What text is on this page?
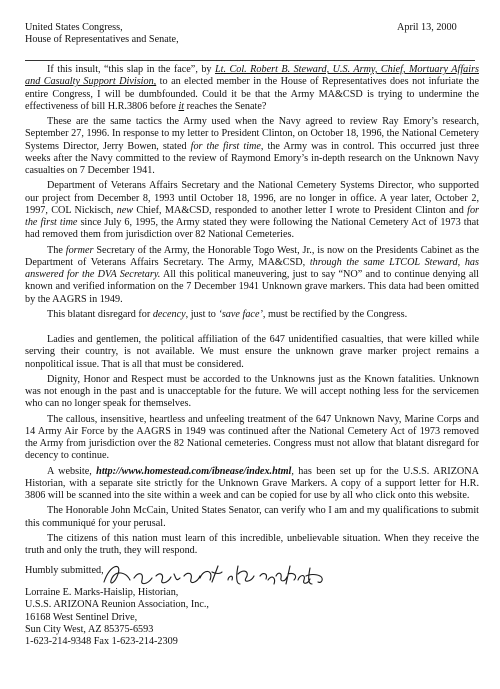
United States Congress,
House of Representatives and Senate,
April 13, 2000

If this insult, “this slap in the face”, by Lt. Col. Robert B. Steward, U.S. Army, Chief, Mortuary Affairs and Casualty Support Division, to an elected member in the House of Representatives does not infuriate the entire Congress, I will be dumbfounded. Could it be that the Army MA&CSD is trying to undermine the effectiveness of bill H.R.3806 before it reaches the Senate?

These are the same tactics the Army used when the Navy agreed to review Ray Emory’s research, September 27, 1996. In response to my letter to President Clinton, on October 18, 1996, the National Cemetery Systems Director, Jerry Bowen, stated for the first time, the Army was in control. This occurred just three weeks after the Navy committed to the review of Raymond Emory’s in-depth research on the Unknown Navy casualties on 7 December 1941.

Department of Veterans Affairs Secretary and the National Cemetery Systems Director, who supported our project from December 8, 1993 until October 18, 1996, are no longer in office. A year later, October 2, 1997, COL Nickisch, new Chief, MA&CSD, responded to another letter I wrote to President Clinton and for the first time since July 6, 1995, the Army stated they were following the National Cemetery Act of 1973 that had removed them from jurisdiction over 82 National Cemeteries.

The former Secretary of the Army, the Honorable Togo West, Jr., is now on the Presidents Cabinet as the Department of Veterans Affairs Secretary. The Army, MA&CSD, through the same LTCOL Steward, has answered for the DVA Secretary. All this political maneuvering, just to say “NO” and to continue denying all known and verified information on the 7 December 1941 Unknown grave markers. This data had been omitted by the AAGRS in 1949.

This blatant disregard for decency, just to ‘save face’, must be rectified by the Congress.

Ladies and gentlemen, the political affiliation of the 647 unidentified casualties, that were killed while serving their country, is not available. We must ensure the unknown grave marker project remains a nonpolitical issue. That is all that must be considered.

Dignity, Honor and Respect must be accorded to the Unknowns just as the Known fatalities. Unknown was not enough in the past and is unacceptable for the future. We will accept nothing less for the servicemen who can no longer speak for themselves.

The callous, insensitive, heartless and unfeeling treatment of the 647 Unknown Navy, Marine Corps and 14 Army Air Force by the AAGRS in 1949 was continued after the National Cemetery Act of 1973 removed the Army from jurisdiction over the 82 National cemeteries. Congress must not allow that blatant disregard for decency to continue.

A website, http://www.homestead.com/ibnease/index.html, has been set up for the U.S.S. ARIZONA Historian, with a separate site strictly for the Unknown Grave Markers. A copy of a support letter for H.R. 3806 will be scanned into the site within a week and can be copied for use by all who click onto this website.

The Honorable John McCain, United States Senator, can verify who I am and my qualifications to submit this communiqué for your perusal.

The citizens of this nation must learn of this incredible, unbelievable situation. When they receive the truth and only the truth, they will respond.

Humbly submitted,
Lorraine E. Marks-Haislip, Historian,
U.S.S. ARIZONA Reunion Association, Inc.,
16168 West Sentinel Drive,
Sun City West, AZ 85375-6593
1-623-214-9348 Fax 1-623-214-2309
